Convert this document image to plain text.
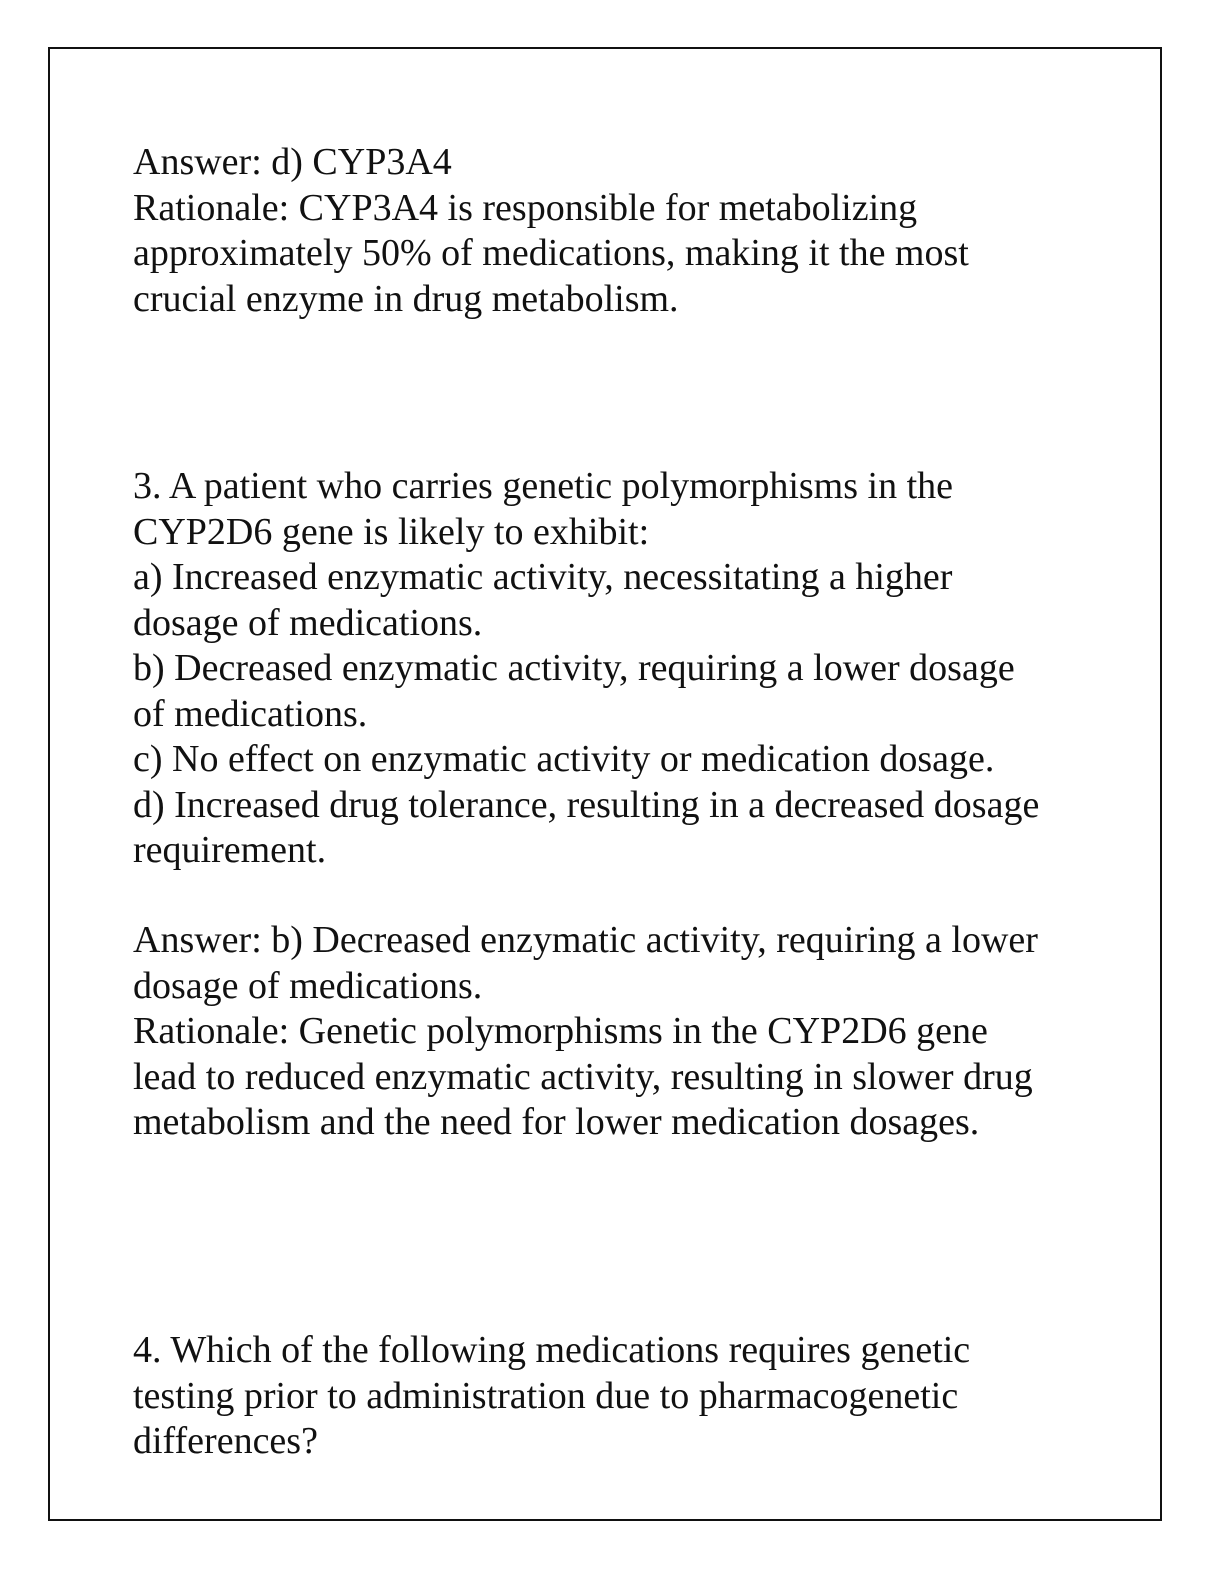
Answer: d) CYP3A4
Rationale: CYP3A4 is responsible for metabolizing
approximately 50% of medications, making it the most
crucial enzyme in drug metabolism.
3. A patient who carries genetic polymorphisms in the
CYP2D6 gene is likely to exhibit:
a) Increased enzymatic activity, necessitating a higher
dosage of medications.
b) Decreased enzymatic activity, requiring a lower dosage
of medications.
c) No effect on enzymatic activity or medication dosage.
d) Increased drug tolerance, resulting in a decreased dosage
requirement.
Answer: b) Decreased enzymatic activity, requiring a lower
dosage of medications.
Rationale: Genetic polymorphisms in the CYP2D6 gene
lead to reduced enzymatic activity, resulting in slower drug
metabolism and the need for lower medication dosages.
4. Which of the following medications requires genetic
testing prior to administration due to pharmacogenetic
differences?
